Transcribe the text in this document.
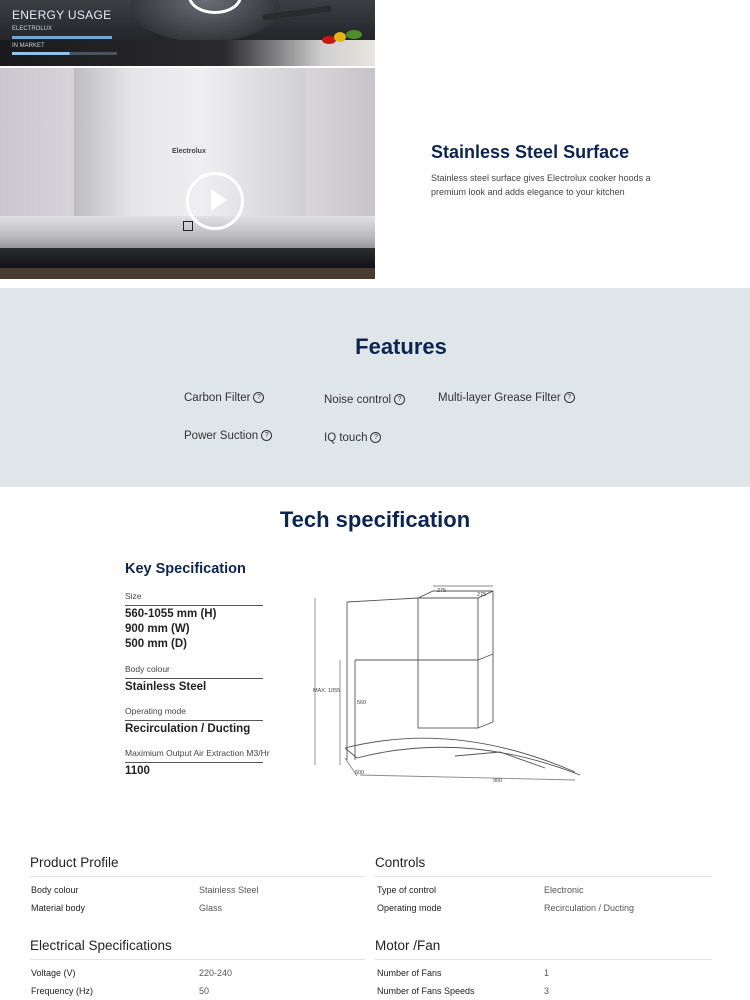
ENERGY USAGE
ELECTROLUX
IN MARKET
Electrolux	Stainless Steel Surface
Stainless steel surface gives Electrolux cooker hoods a premium look and adds elegance to your kitchen
Features
Carbon Filter ?	Noise control ?	Multi-layer Grease Filter ?
Power Suction ?	IQ touch ?
Tech specification
Key Specification
Size
560-1055 mm (H)
900 mm (W)
500 mm (D)
Body colour
Stainless Steel
Operating mode
Recirculation / Ducting
Maximium Output Air Extraction M3/Hr
1100
275
275
MAX. 1055
560
500
900
Product Profile
Body colour	Stainless Steel
Material body	Glass
Controls
Type of control	Electronic
Operating mode	Recirculation / Ducting
Electrical Specifications
Voltage (V)	220-240
Frequency (Hz)	50
Motor /Fan
Number of Fans	1
Number of Fans Speeds	3
